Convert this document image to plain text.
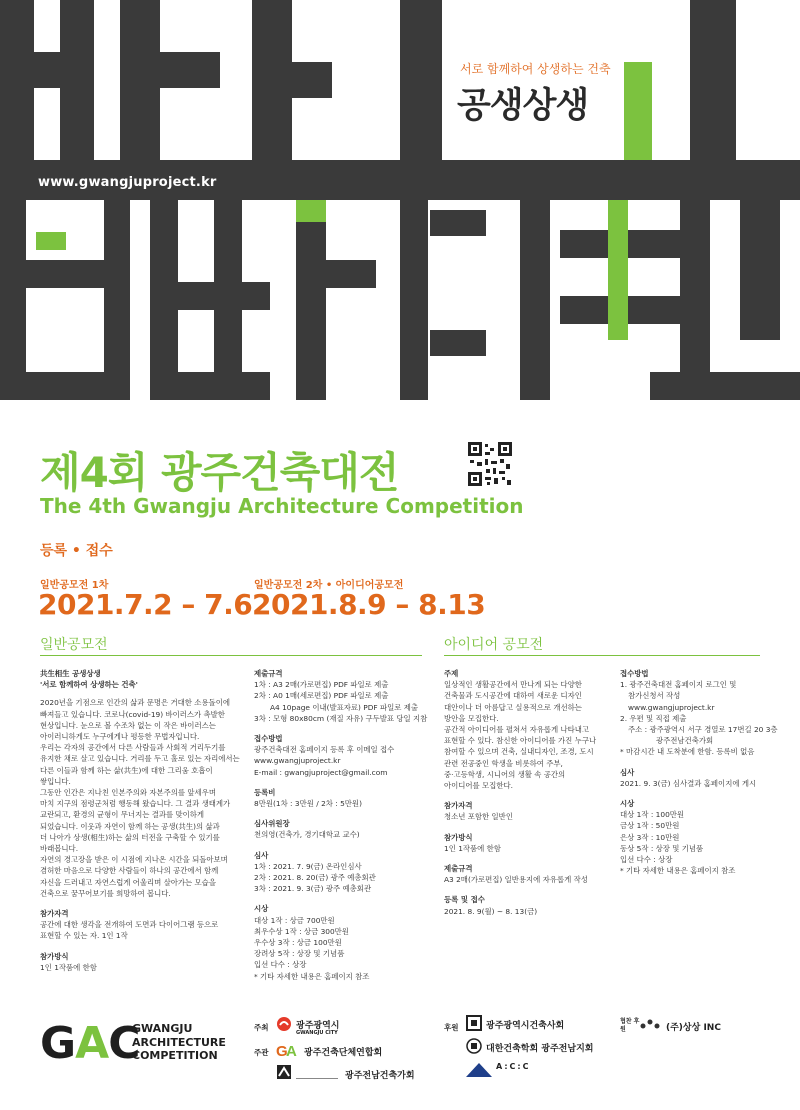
서로 함께하여 상생하는 건축
공생상생
www.gwangjuproject.kr
제4회 광주건축대전
The 4th Gwangju Architecture Competition
등록 • 접수
일반공모전 1차
2021.7.2 – 7.6
일반공모전 2차 • 아이디어공모전
2021.8.9 – 8.13
일반공모전	아이디어 공모전
共生相生 공생상생
'서로 함께하여 상생하는 건축'
2020년을 기점으로 인간의 삶과 문명은 거대한 소용돌이에
빠져들고 있습니다. 코로나(covid-19) 바이러스가 촉발한
현상입니다. 눈으로 볼 수조차 없는 이 작은 바이러스는
아이러니하게도 누구에게나 평등한 무법자입니다.
우리는 각자의 공간에서 다른 사람들과 사회적 거리두기를
유지한 채로 살고 있습니다. 거리를 두고 홀로 있는 자리에서는
다른 이들과 함께 하는 삶(共生)에 대한 그리움 호흡이
쌓입니다.
그동안 인간은 지나친 인본주의와 자본주의를 앞세우며
마치 지구의 점령군처럼 행동해 왔습니다. 그 결과 생태계가
교란되고, 환경의 균형이 무너지는 결과를 맞이하게
되었습니다. 이웃과 자연이 함께 하는 공생(共生)의 삶과
더 나아가 상생(相生)하는 삶의 터전을 구축할 수 있기를
바래봅니다.
자연의 경고장을 받은 이 시점에 지나온 시간을 되돌아보며
겸허한 마음으로 다양한 사람들이 하나의 공간에서 함께
자신을 드러내고 자연스럽게 어울리며 살아가는 모습을
건축으로 꿈꾸어보기를 희망하여 봅니다.
참가자격
공간에 대한 생각을 전개하여 도면과 다이어그램 등으로
표현할 수 있는 자. 1인 1작
참가방식
1인 1작품에 한함
제출규격
1차 : A3 2매(가로편집) PDF 파일로 제출
2차 : A0 1매(세로편집) PDF 파일로 제출
A4 10page 이내(발표자료) PDF 파일로 제출
3차 : 모형 80x80cm (재질 자유) 구두발표 당일 지참
접수방법
광주건축대전 홈페이지 등록 후 이메일 접수
www.gwangjuproject.kr
E-mail : gwangjuproject@gmail.com
등록비
8만원(1차 : 3만원 / 2차 : 5만원)
심사위원장
천의영(건축가, 경기대학교 교수)
심사
1차 : 2021. 7. 9(금) 온라인심사
2차 : 2021. 8. 20(금) 광주 예총회관
3차 : 2021. 9. 3(금) 광주 예총회관
시상
대상 1작 : 상금 700만원
최우수상 1작 : 상금 300만원
우수상 3작 : 상금 100만원
장려상 5작 : 상장 및 기념품
입선 다수 : 상장
* 기타 자세한 내용은 홈페이지 참조
주제
일상적인 생활공간에서 만나게 되는 다양한
건축물과 도시공간에 대하여 새로운 디자인
대안이나 더 아름답고 실용적으로 개선하는
방안을 모집한다.
공간적 아이디어를 펼쳐서 자유롭게 나타내고
표현할 수 있다. 참신한 아이디어를 가진 누구나
참여할 수 있으며 건축, 실내디자인, 조경, 도시
관련 전공중인 학생을 비롯하여 주부,
중·고등학생, 시니어의 생활 속 공간의
아이디어를 모집한다.
참가자격
청소년 포함한 일반인
참가방식
1인 1작품에 한함
제출규격
A3 2매(가로편집) 일반용지에 자유롭게 작성
등록 및 접수
2021. 8. 9(월) ~ 8. 13(금)
접수방법
1. 광주건축대전 홈페이지 로그인 및
참가신청서 작성
www.gwangjuproject.kr
2. 우편 및 직접 제출
주소 : 광주광역시 서구 경열로 17번길 20 3층
광주전남건축가회
* 마감시간 내 도착분에 한함. 등록비 없음
심사
2021. 9. 3(금) 심사결과 홈페이지에 게시
시상
대상 1작 : 100만원
금상 1작 : 50만원
은상 3작 : 10만원
동상 5작 : 상장 및 기념품
입선 다수 : 상장
* 기타 자세한 내용은 홈페이지 참조
GAC
GWANGJU
ARCHITECTURE
COMPETITION
주최	광주광역시
GWANGJU CITY
주관 G
A 광주건축단체연합회
광주전남건축가회
후원	광주광역시건축사회
대한건축학회 광주전남지회
A:C:C
협찬 후원	(주)상상 INC
